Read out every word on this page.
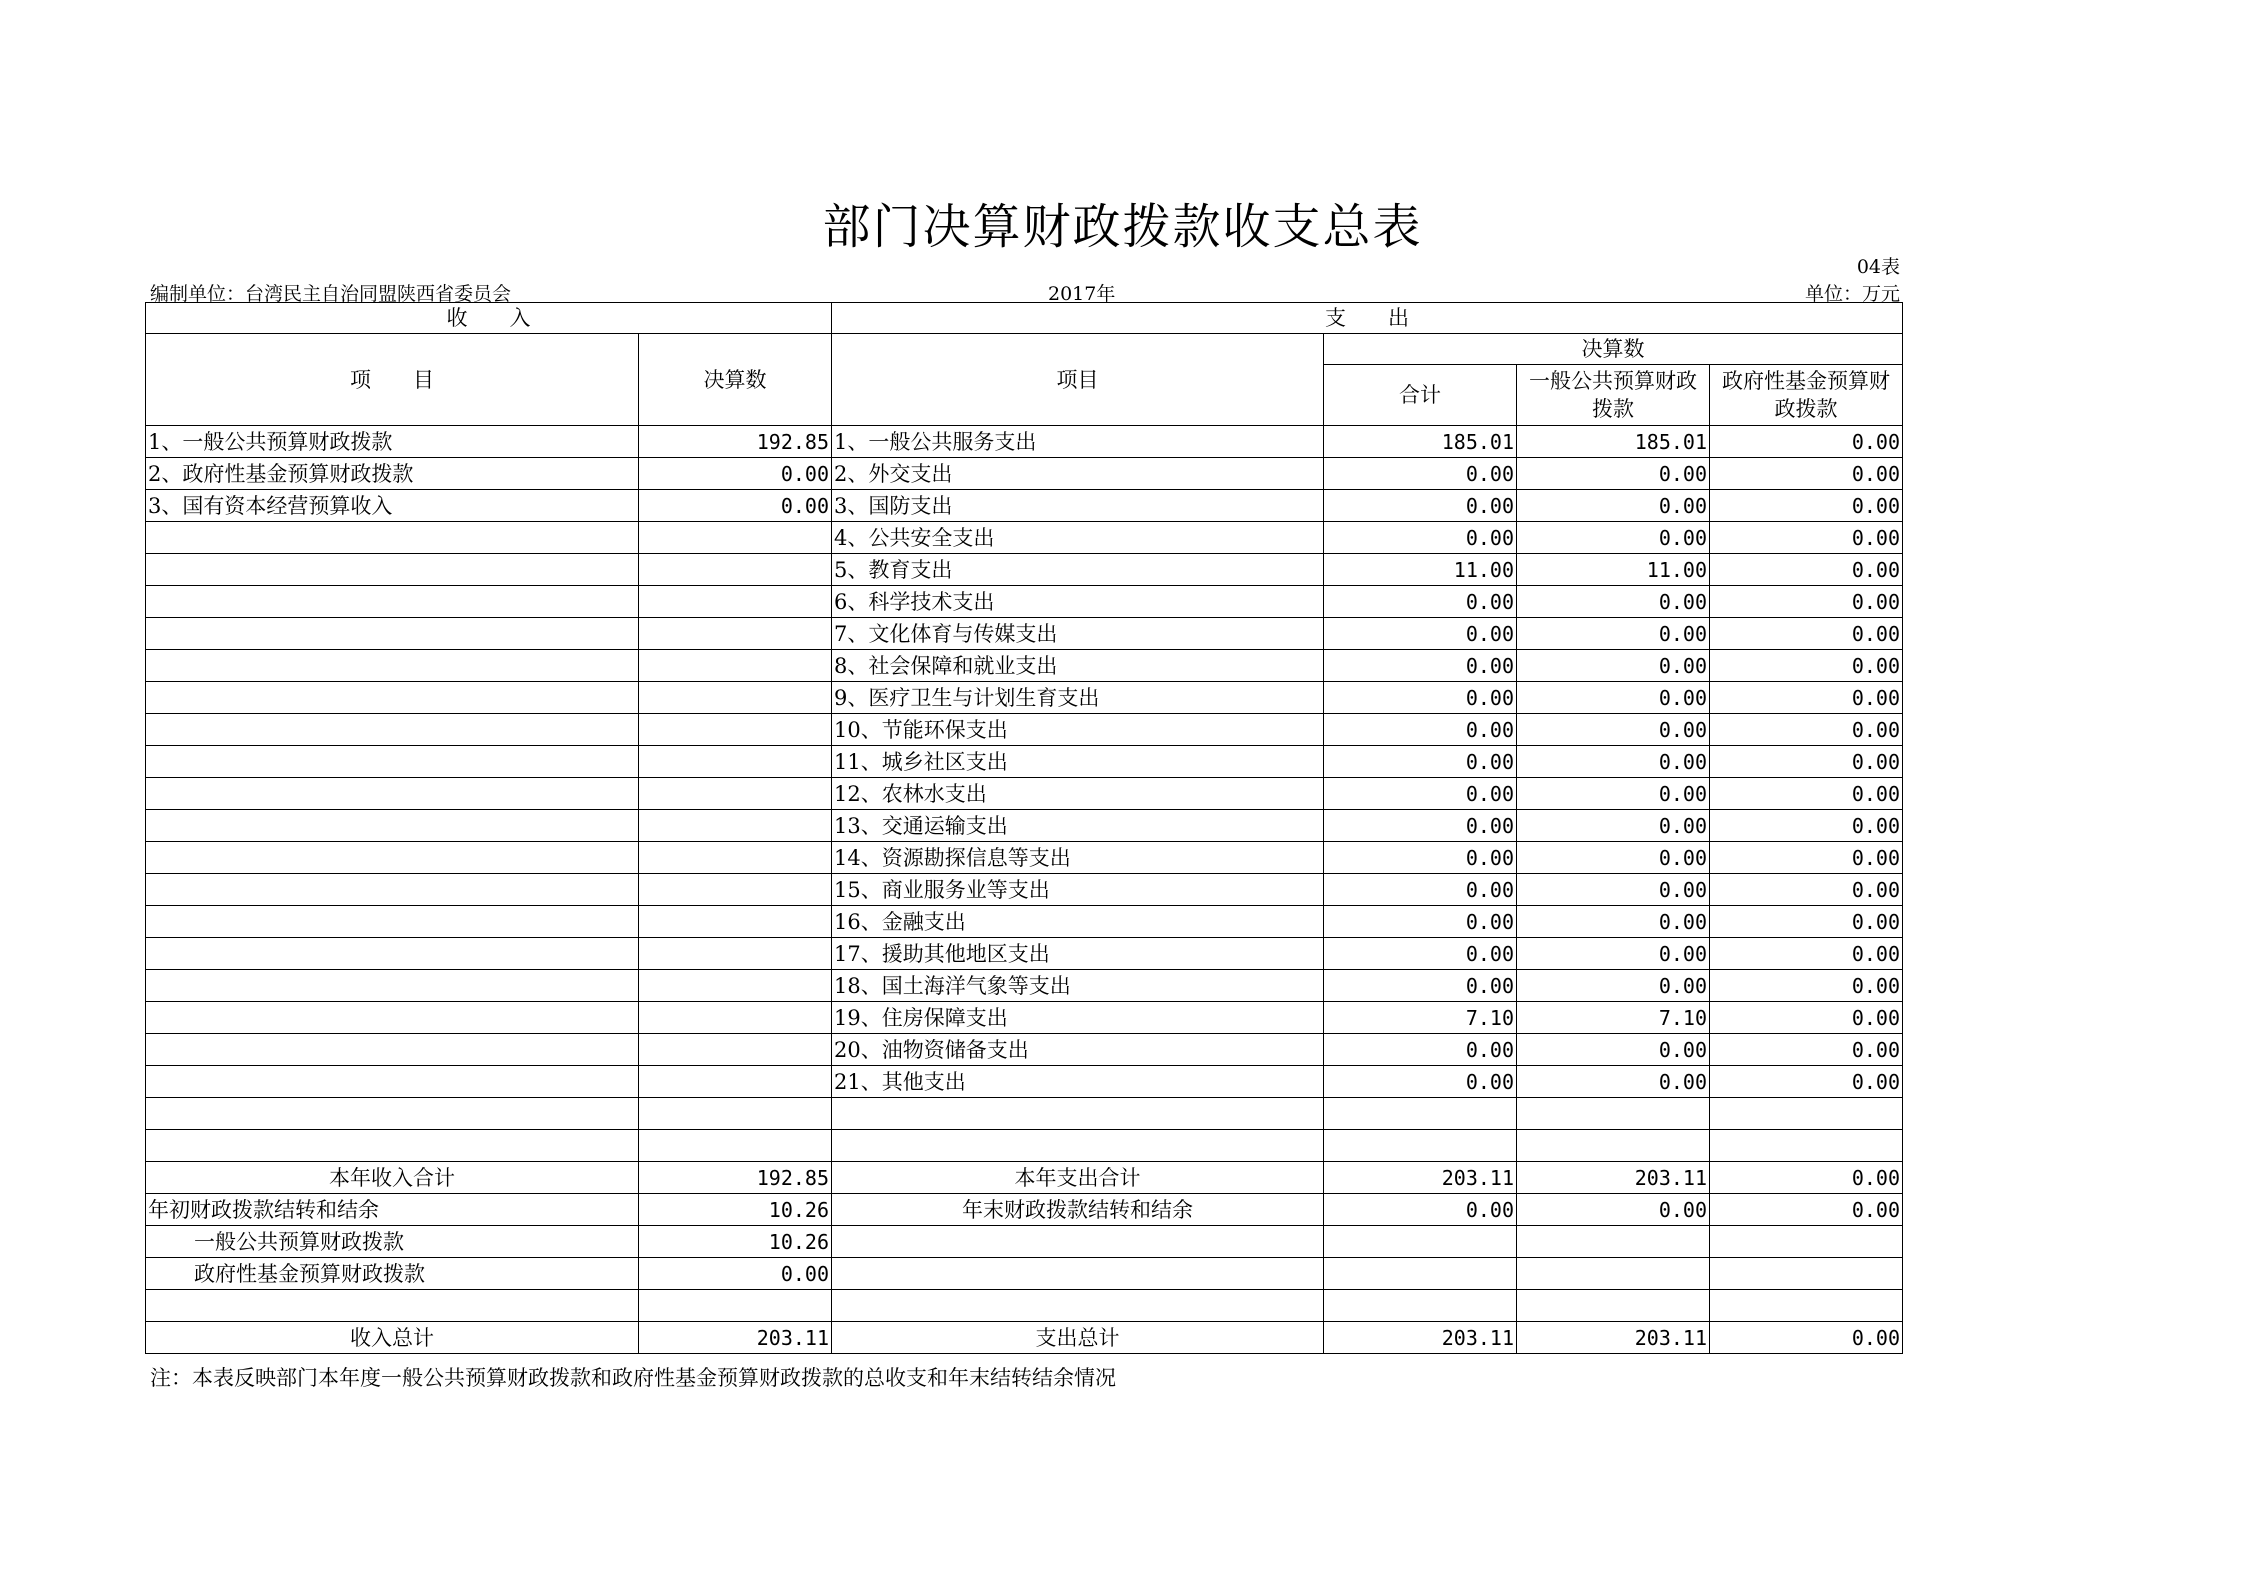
部门决算财政拨款收支总表
04表
编制单位：台湾民主自治同盟陕西省委员会	2017年	单位：万元
收　　入		支　　出			
项　　目	决算数	项目	决算数		
			合计	一般公共预算财政拨款	政府性基金预算财政拨款
1、一般公共预算财政拨款	192.85	1、一般公共服务支出	185.01	185.01	0.00
2、政府性基金预算财政拨款	0.00	2、外交支出	0.00	0.00	0.00
3、国有资本经营预算收入	0.00	3、国防支出	0.00	0.00	0.00
		4、公共安全支出	0.00	0.00	0.00
		5、教育支出	11.00	11.00	0.00
		6、科学技术支出	0.00	0.00	0.00
		7、文化体育与传媒支出	0.00	0.00	0.00
		8、社会保障和就业支出	0.00	0.00	0.00
		9、医疗卫生与计划生育支出	0.00	0.00	0.00
		10、节能环保支出	0.00	0.00	0.00
		11、城乡社区支出	0.00	0.00	0.00
		12、农林水支出	0.00	0.00	0.00
		13、交通运输支出	0.00	0.00	0.00
		14、资源勘探信息等支出	0.00	0.00	0.00
		15、商业服务业等支出	0.00	0.00	0.00
		16、金融支出	0.00	0.00	0.00
		17、援助其他地区支出	0.00	0.00	0.00
		18、国土海洋气象等支出	0.00	0.00	0.00
		19、住房保障支出	7.10	7.10	0.00
		20、油物资储备支出	0.00	0.00	0.00
		21、其他支出	0.00	0.00	0.00

本年收入合计	192.85	本年支出合计	203.11	203.11	0.00
年初财政拨款结转和结余	10.26	年末财政拨款结转和结余	0.00	0.00	0.00
一般公共预算财政拨款	10.26				
政府性基金预算财政拨款	0.00				

收入总计	203.11	支出总计	203.11	203.11	0.00
注：本表反映部门本年度一般公共预算财政拨款和政府性基金预算财政拨款的总收支和年末结转结余情况
